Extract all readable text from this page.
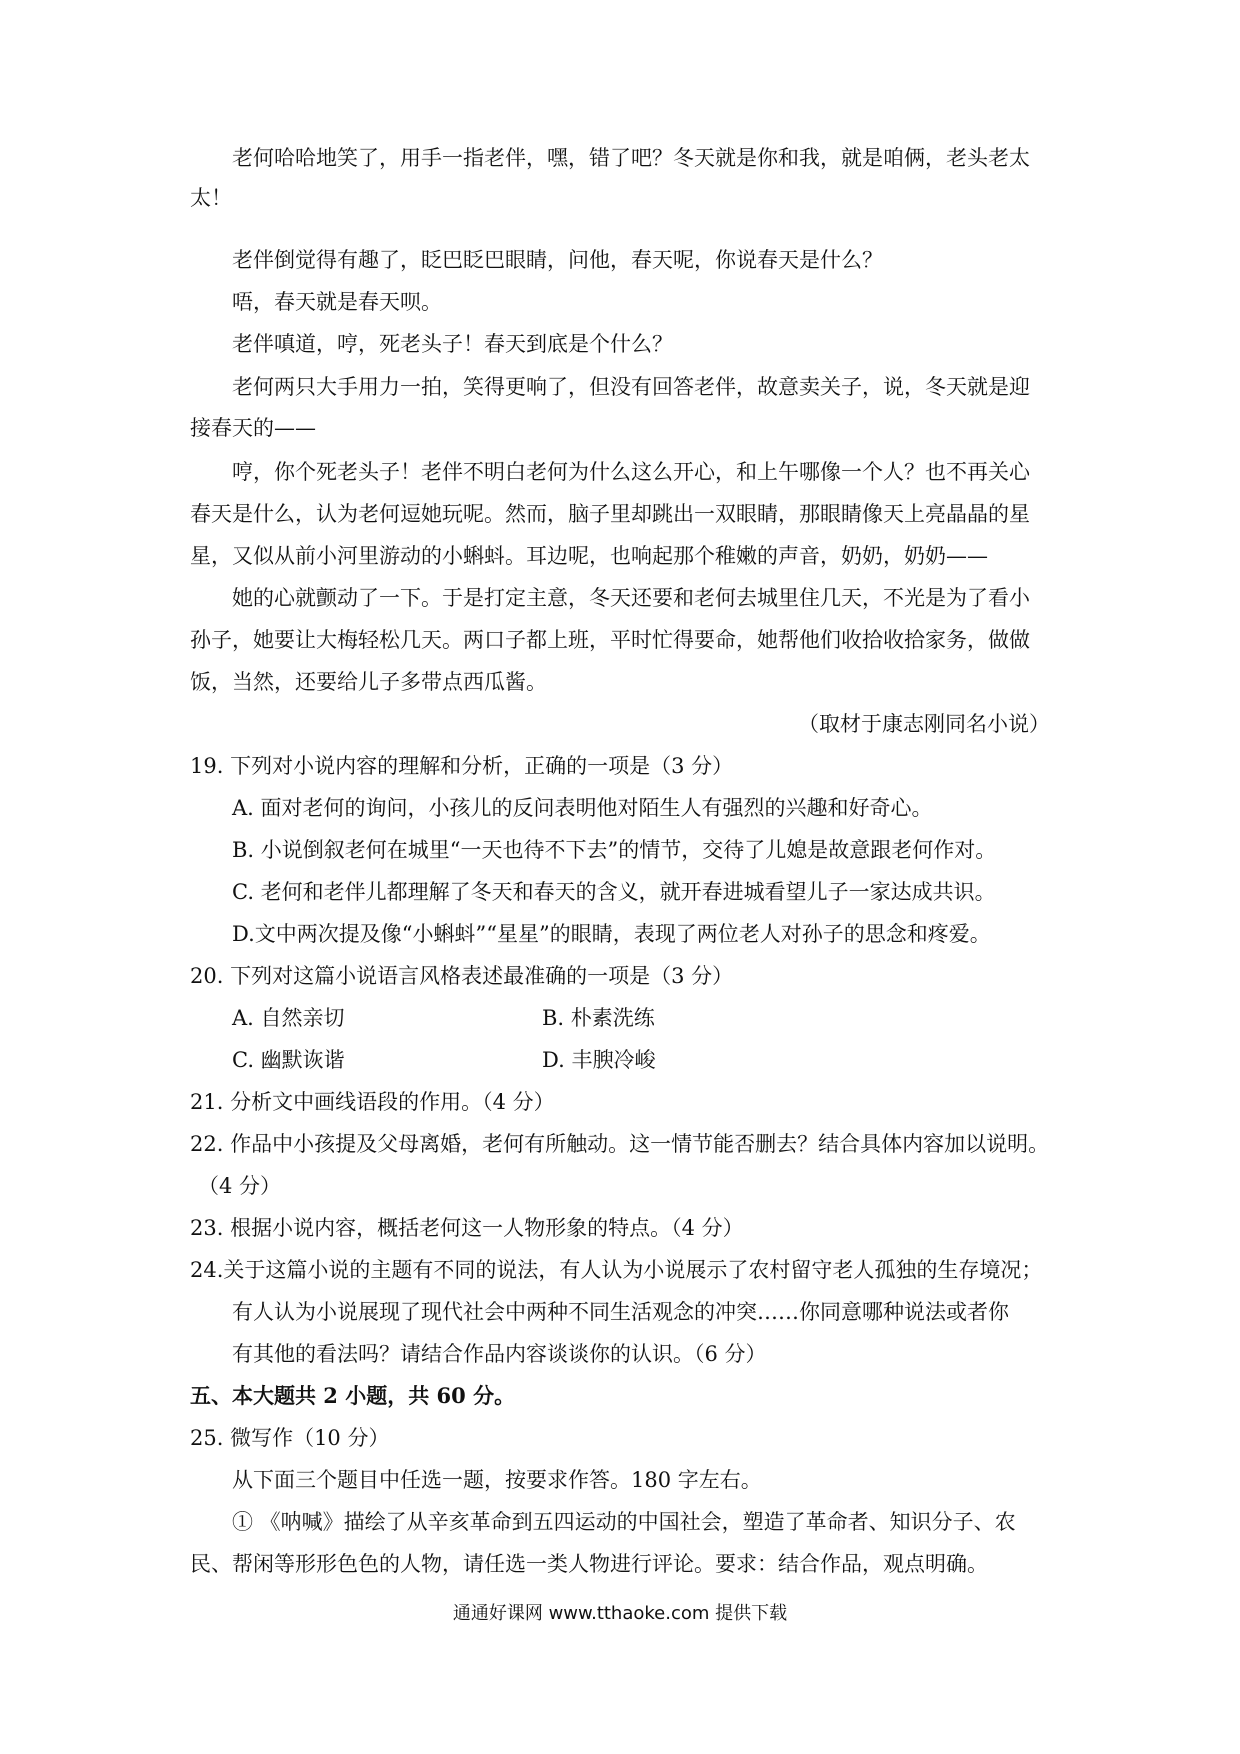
老何哈哈地笑了，用手一指老伴，嘿，错了吧？冬天就是你和我，就是咱俩，老头老太
太！
老伴倒觉得有趣了，眨巴眨巴眼睛，问他，春天呢，你说春天是什么？
唔，春天就是春天呗。
老伴嗔道，哼，死老头子！春天到底是个什么？
老何两只大手用力一拍，笑得更响了，但没有回答老伴，故意卖关子，说，冬天就是迎
接春天的——
哼，你个死老头子！老伴不明白老何为什么这么开心，和上午哪像一个人？也不再关心
春天是什么，认为老何逗她玩呢。然而，脑子里却跳出一双眼睛，那眼睛像天上亮晶晶的星
星，又似从前小河里游动的小蝌蚪。耳边呢，也响起那个稚嫩的声音，奶奶，奶奶——
她的心就颤动了一下。于是打定主意，冬天还要和老何去城里住几天，不光是为了看小
孙子，她要让大梅轻松几天。两口子都上班，平时忙得要命，她帮他们收拾收拾家务，做做
饭，当然，还要给儿子多带点西瓜酱。
（取材于康志刚同名小说）
19. 下列对小说内容的理解和分析，正确的一项是（3 分）
A. 面对老何的询问，小孩儿的反问表明他对陌生人有强烈的兴趣和好奇心。
B. 小说倒叙老何在城里“一天也待不下去”的情节，交待了儿媳是故意跟老何作对。
C. 老何和老伴儿都理解了冬天和春天的含义，就开春进城看望儿子一家达成共识。
D.文中两次提及像“小蝌蚪”“星星”的眼睛，表现了两位老人对孙子的思念和疼爱。
20. 下列对这篇小说语言风格表述最准确的一项是（3 分）
A. 自然亲切	B. 朴素洗练
C. 幽默诙谐	D. 丰腴冷峻
21. 分析文中画线语段的作用。（4 分）
22. 作品中小孩提及父母离婚，老何有所触动。这一情节能否删去？结合具体内容加以说明。
（4 分）
23. 根据小说内容，概括老何这一人物形象的特点。（4 分）
24.关于这篇小说的主题有不同的说法，有人认为小说展示了农村留守老人孤独的生存境况；
有人认为小说展现了现代社会中两种不同生活观念的冲突……你同意哪种说法或者你
有其他的看法吗？请结合作品内容谈谈你的认识。（6 分）
五、本大题共 2 小题，共 60 分。
25. 微写作（10 分）
从下面三个题目中任选一题，按要求作答。180 字左右。
① 《呐喊》描绘了从辛亥革命到五四运动的中国社会，塑造了革命者、知识分子、农
民、帮闲等形形色色的人物，请任选一类人物进行评论。要求：结合作品，观点明确。
通通好课网 www.tthaoke.com 提供下载
